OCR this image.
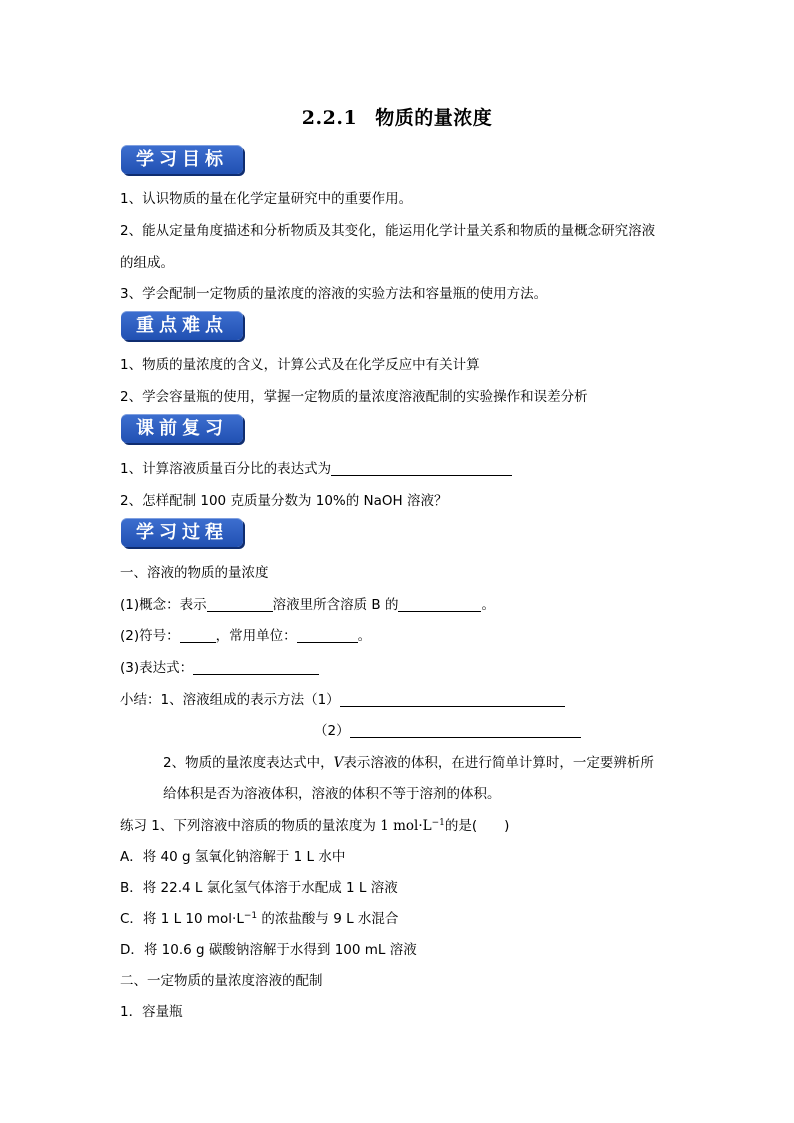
2.2.1 物质的量浓度
学习目标
1、认识物质的量在化学定量研究中的重要作用。
2、能从定量角度描述和分析物质及其变化，能运用化学计量关系和物质的量概念研究溶液
的组成。
3、学会配制一定物质的量浓度的溶液的实验方法和容量瓶的使用方法。
重点难点
1、物质的量浓度的含义，计算公式及在化学反应中有关计算
2、学会容量瓶的使用，掌握一定物质的量浓度溶液配制的实验操作和误差分析
课前复习
1、计算溶液质量百分比的表达式为
2、怎样配制 100 克质量分数为 10%的 NaOH 溶液？
学习过程
一、溶液的物质的量浓度
(1)概念：表示	溶液里所含溶质 B 的	。
(2)符号：	，常用单位：	。
(3)表达式：
小结：1、溶液组成的表示方法（1）
（2）
2、物质的量浓度表达式中，V表示溶液的体积，在进行简单计算时，一定要辨析所
给体积是否为溶液体积，溶液的体积不等于溶剂的体积。
练习 1、下列溶液中溶质的物质的量浓度为 1 $mol\cdot L^{-1}$的是(　　)
A．将 40 g 氢氧化钠溶解于 1 L 水中
B．将 22.4 L 氯化氢气体溶于水配成 1 L 溶液
C．将 1 L 10 $mol\cdot L^{-1}$ 的浓盐酸与 9 L 水混合
D．将 10.6 g 碳酸钠溶解于水得到 100 mL 溶液
二、一定物质的量浓度溶液的配制
1．容量瓶
